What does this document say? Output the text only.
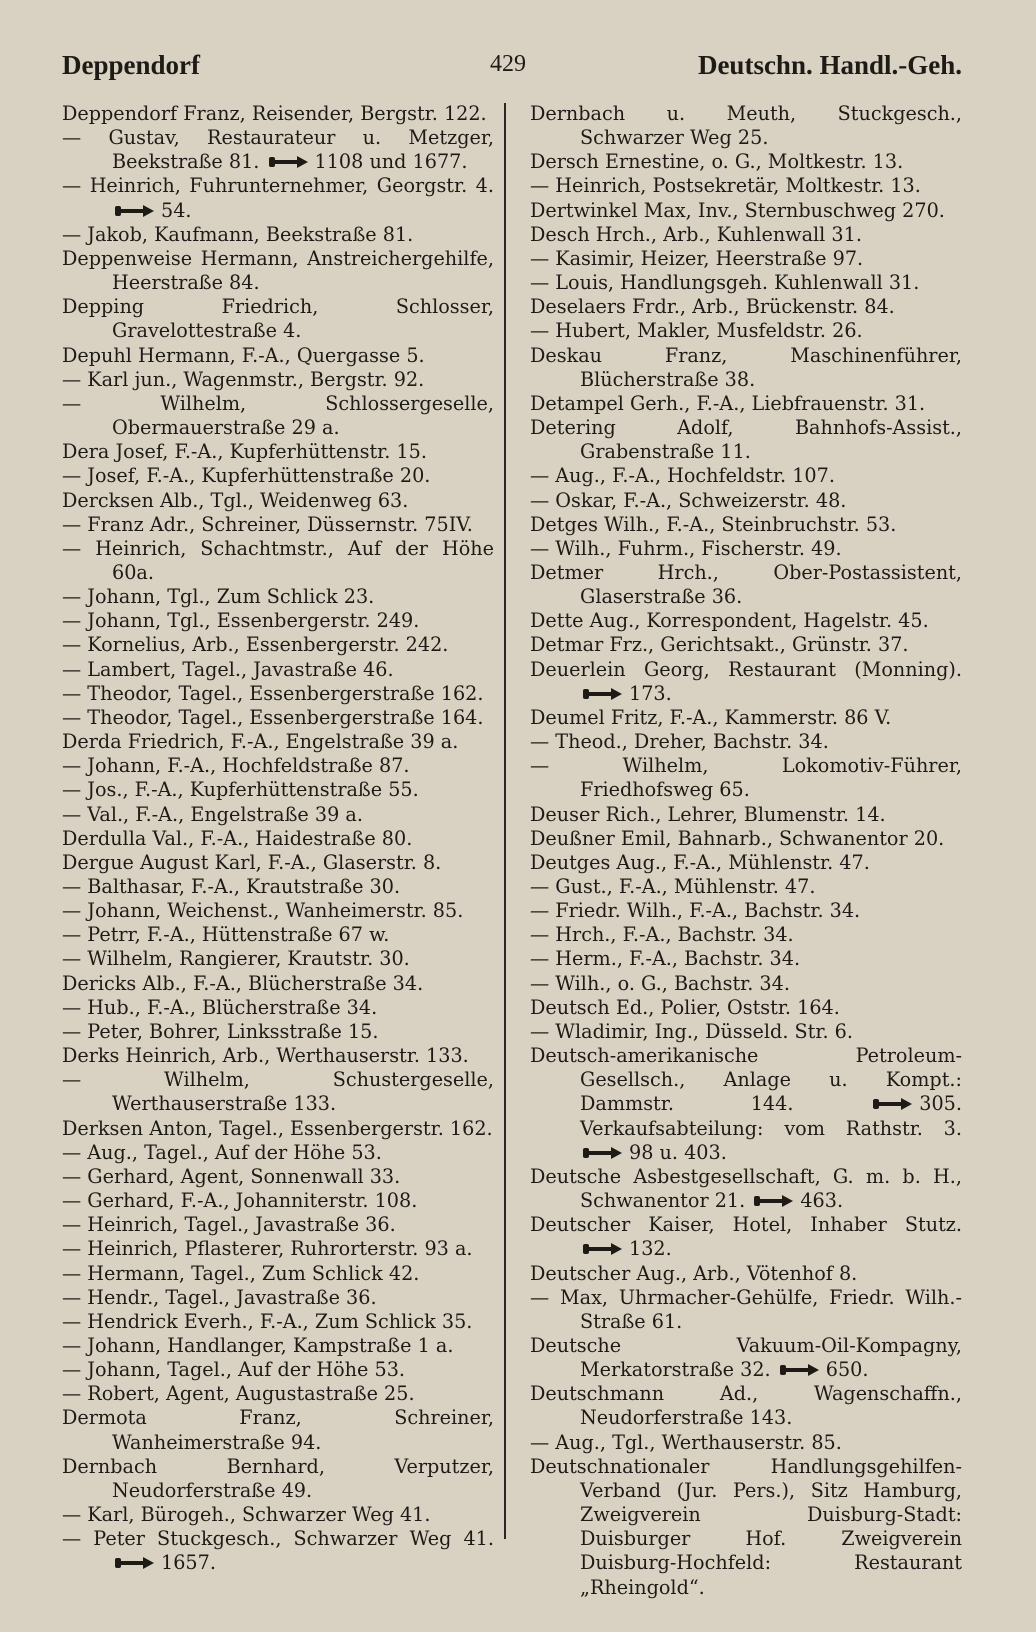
Deppendorf	429	Deutschn. Handl.-Geh.
Deppendorf Franz, Reisender, Bergstr. 122.
— Gustav, Restaurateur u. Metzger, Beekstraße 81.	1108 und 1677.
— Heinrich, Fuhrunternehmer, Georgstr. 4.
54.
— Jakob, Kaufmann, Beekstraße 81.
Deppenweise Hermann, Anstreichergehilfe, Heerstraße 84.
Depping Friedrich, Schlosser, Gravelottestraße 4.
Depuhl Hermann, F.-A., Quergasse 5.
— Karl jun., Wagenmstr., Bergstr. 92.
— Wilhelm, Schlossergeselle, Obermauerstraße 29 a.
Dera Josef, F.-A., Kupferhüttenstr. 15.
— Josef, F.-A., Kupferhüttenstraße 20.
Dercksen Alb., Tgl., Weidenweg 63.
— Franz Adr., Schreiner, Düssernstr. 75IV.
— Heinrich, Schachtmstr., Auf der Höhe 60a.
— Johann, Tgl., Zum Schlick 23.
— Johann, Tgl., Essenbergerstr. 249.
— Kornelius, Arb., Essenbergerstr. 242.
— Lambert, Tagel., Javastraße 46.
— Theodor, Tagel., Essenbergerstraße 162.
— Theodor, Tagel., Essenbergerstraße 164.
Derda Friedrich, F.-A., Engelstraße 39 a.
— Johann, F.-A., Hochfeldstraße 87.
— Jos., F.-A., Kupferhüttenstraße 55.
— Val., F.-A., Engelstraße 39 a.
Derdulla Val., F.-A., Haidestraße 80.
Dergue August Karl, F.-A., Glaserstr. 8.
— Balthasar, F.-A., Krautstraße 30.
— Johann, Weichenst., Wanheimerstr. 85.
— Petrr, F.-A., Hüttenstraße 67 w.
— Wilhelm, Rangierer, Krautstr. 30.
Dericks Alb., F.-A., Blücherstraße 34.
— Hub., F.-A., Blücherstraße 34.
— Peter, Bohrer, Linksstraße 15.
Derks Heinrich, Arb., Werthauserstr. 133.
— Wilhelm, Schustergeselle, Werthauserstraße 133.
Derksen Anton, Tagel., Essenbergerstr. 162.
— Aug., Tagel., Auf der Höhe 53.
— Gerhard, Agent, Sonnenwall 33.
— Gerhard, F.-A., Johanniterstr. 108.
— Heinrich, Tagel., Javastraße 36.
— Heinrich, Pflasterer, Ruhrorterstr. 93 a.
— Hermann, Tagel., Zum Schlick 42.
— Hendr., Tagel., Javastraße 36.
— Hendrick Everh., F.-A., Zum Schlick 35.
— Johann, Handlanger, Kampstraße 1 a.
— Johann, Tagel., Auf der Höhe 53.
— Robert, Agent, Augustastraße 25.
Dermota Franz, Schreiner, Wanheimerstraße 94.
Dernbach Bernhard, Verputzer, Neudorferstraße 49.
— Karl, Bürogeh., Schwarzer Weg 41.
— Peter Stuckgesch., Schwarzer Weg 41.
1657.
Dernbach u. Meuth, Stuckgesch., Schwarzer Weg 25.
Dersch Ernestine, o. G., Moltkestr. 13.
— Heinrich, Postsekretär, Moltkestr. 13.
Dertwinkel Max, Inv., Sternbuschweg 270.
Desch Hrch., Arb., Kuhlenwall 31.
— Kasimir, Heizer, Heerstraße 97.
— Louis, Handlungsgeh. Kuhlenwall 31.
Deselaers Frdr., Arb., Brückenstr. 84.
— Hubert, Makler, Musfeldstr. 26.
Deskau Franz, Maschinenführer, Blücherstraße 38.
Detampel Gerh., F.-A., Liebfrauenstr. 31.
Detering Adolf, Bahnhofs-Assist., Grabenstraße 11.
— Aug., F.-A., Hochfeldstr. 107.
— Oskar, F.-A., Schweizerstr. 48.
Detges Wilh., F.-A., Steinbruchstr. 53.
— Wilh., Fuhrm., Fischerstr. 49.
Detmer Hrch., Ober-Postassistent, Glaserstraße 36.
Dette Aug., Korrespondent, Hagelstr. 45.
Detmar Frz., Gerichtsakt., Grünstr. 37.
Deuerlein Georg, Restaurant (Monning).
173.
Deumel Fritz, F.-A., Kammerstr. 86 V.
— Theod., Dreher, Bachstr. 34.
— Wilhelm, Lokomotiv-Führer, Friedhofsweg 65.
Deuser Rich., Lehrer, Blumenstr. 14.
Deußner Emil, Bahnarb., Schwanentor 20.
Deutges Aug., F.-A., Mühlenstr. 47.
— Gust., F.-A., Mühlenstr. 47.
— Friedr. Wilh., F.-A., Bachstr. 34.
— Hrch., F.-A., Bachstr. 34.
— Herm., F.-A., Bachstr. 34.
— Wilh., o. G., Bachstr. 34.
Deutsch Ed., Polier, Oststr. 164.
— Wladimir, Ing., Düsseld. Str. 6.
Deutsch-amerikanische Petroleum-Gesellsch., Anlage u. Kompt.: Dammstr. 144.	305. Verkaufsabteilung: vom Rathstr. 3.
98 u. 403.
Deutsche Asbestgesellschaft, G. m. b. H., Schwanentor 21.	463.
Deutscher Kaiser, Hotel, Inhaber Stutz.
132.
Deutscher Aug., Arb., Vötenhof 8.
— Max, Uhrmacher-Gehülfe, Friedr. Wilh.-Straße 61.
Deutsche Vakuum-Oil-Kompagny, Merkatorstraße 32.	650.
Deutschmann Ad., Wagenschaffn., Neudorferstraße 143.
— Aug., Tgl., Werthauserstr. 85.
Deutschnationaler Handlungsgehilfen-Verband (Jur. Pers.), Sitz Hamburg, Zweigverein Duisburg-Stadt: Duisburger Hof. Zweigverein Duisburg-Hochfeld: Restaurant „Rheingold“.
